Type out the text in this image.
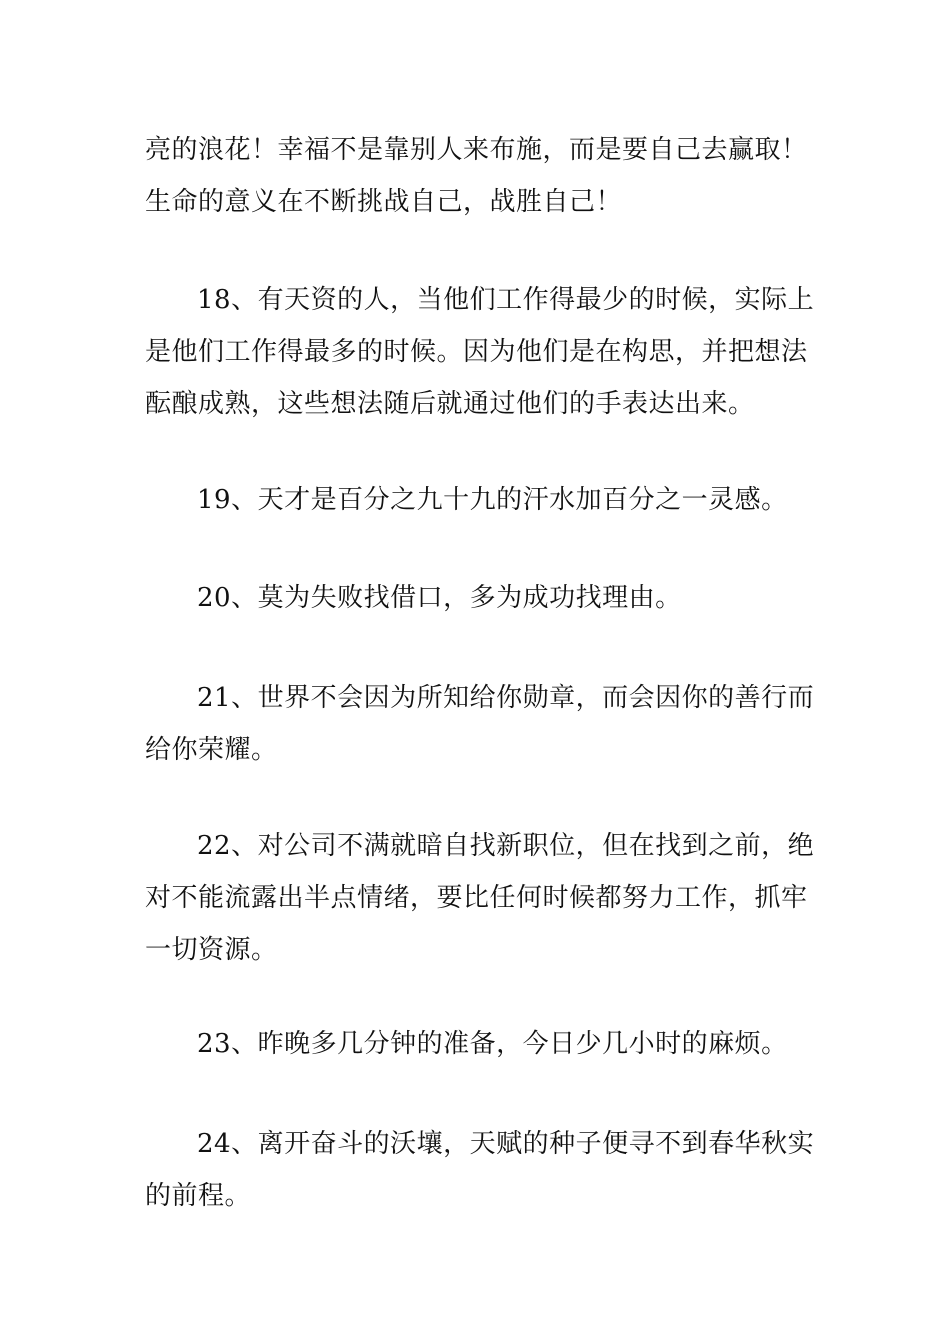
亮的浪花！幸福不是靠别人来布施，而是要自己去赢取！
生命的意义在不断挑战自己，战胜自己！
18、有天资的人，当他们工作得最少的时候，实际上
是他们工作得最多的时候。因为他们是在构思，并把想法
酝酿成熟，这些想法随后就通过他们的手表达出来。
19、天才是百分之九十九的汗水加百分之一灵感。
20、莫为失败找借口，多为成功找理由。
21、世界不会因为所知给你勋章，而会因你的善行而
给你荣耀。
22、对公司不满就暗自找新职位，但在找到之前，绝
对不能流露出半点情绪，要比任何时候都努力工作，抓牢
一切资源。
23、昨晚多几分钟的准备，今日少几小时的麻烦。
24、离开奋斗的沃壤，天赋的种子便寻不到春华秋实
的前程。
